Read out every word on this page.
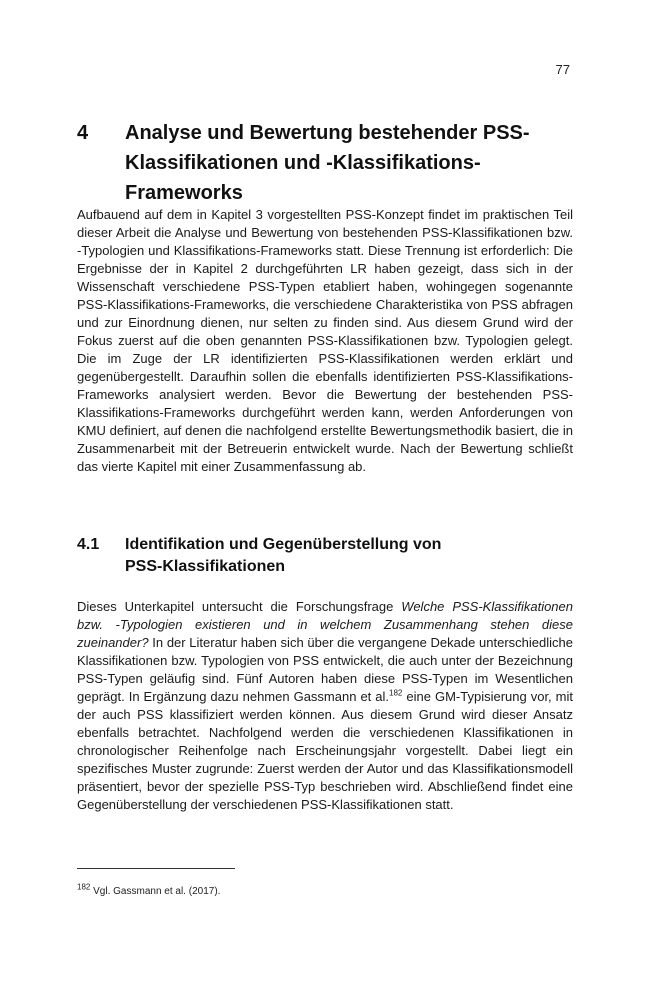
77
4	Analyse und Bewertung bestehender PSS-
Klassifikationen und -Klassifikations-Frameworks

Aufbauend auf dem in Kapitel 3 vorgestellten PSS-Konzept findet im praktischen Teil dieser Arbeit die Analyse und Bewertung von bestehenden PSS-Klassifikationen bzw. -Typologien und Klassifikations-Frameworks statt. Diese Trennung ist erforderlich: Die Ergebnisse der in Kapitel 2 durchgeführten LR haben gezeigt, dass sich in der Wissenschaft verschiedene PSS-Typen etabliert haben, wohingegen sogenannte PSS-Klassifikations-Frameworks, die verschiedene Charakteristika von PSS abfragen und zur Einordnung dienen, nur selten zu finden sind. Aus diesem Grund wird der Fokus zuerst auf die oben genannten PSS-Klassifikationen bzw. Typologien gelegt. Die im Zuge der LR identifizierten PSS-Klassifikationen werden erklärt und gegenübergestellt. Daraufhin sollen die ebenfalls identifizierten PSS-Klassifikations-Frameworks analysiert werden. Bevor die Bewertung der bestehenden PSS-Klassifikations-Frameworks durchgeführt werden kann, werden Anforderungen von KMU definiert, auf denen die nachfolgend erstellte Bewertungsmethodik basiert, die in Zusammenarbeit mit der Betreuerin entwickelt wurde. Nach der Bewertung schließt das vierte Kapitel mit einer Zusammenfassung ab.

4.1	Identifikation und Gegenüberstellung von
PSS-Klassifikationen

Dieses Unterkapitel untersucht die Forschungsfrage Welche PSS-Klassifikationen bzw. -Typologien existieren und in welchem Zusammenhang stehen diese zueinander? In der Literatur haben sich über die vergangene Dekade unterschiedliche Klassifikationen bzw. Typologien von PSS entwickelt, die auch unter der Bezeichnung PSS-Typen geläufig sind. Fünf Autoren haben diese PSS-Typen im Wesentlichen geprägt. In Ergänzung dazu nehmen Gassmann et al.$^{182}$ eine GM-Typisierung vor, mit der auch PSS klassifiziert werden können. Aus diesem Grund wird dieser Ansatz ebenfalls betrachtet. Nachfolgend werden die verschiedenen Klassifikationen in chronologischer Reihenfolge nach Erscheinungsjahr vorgestellt. Dabei liegt ein spezifisches Muster zugrunde: Zuerst werden der Autor und das Klassifikationsmodell präsentiert, bevor der spezielle PSS-Typ beschrieben wird. Abschließend findet eine Gegenüberstellung der verschiedenen PSS-Klassifikationen statt.

$^{182}$ Vgl. Gassmann et al. (2017).
